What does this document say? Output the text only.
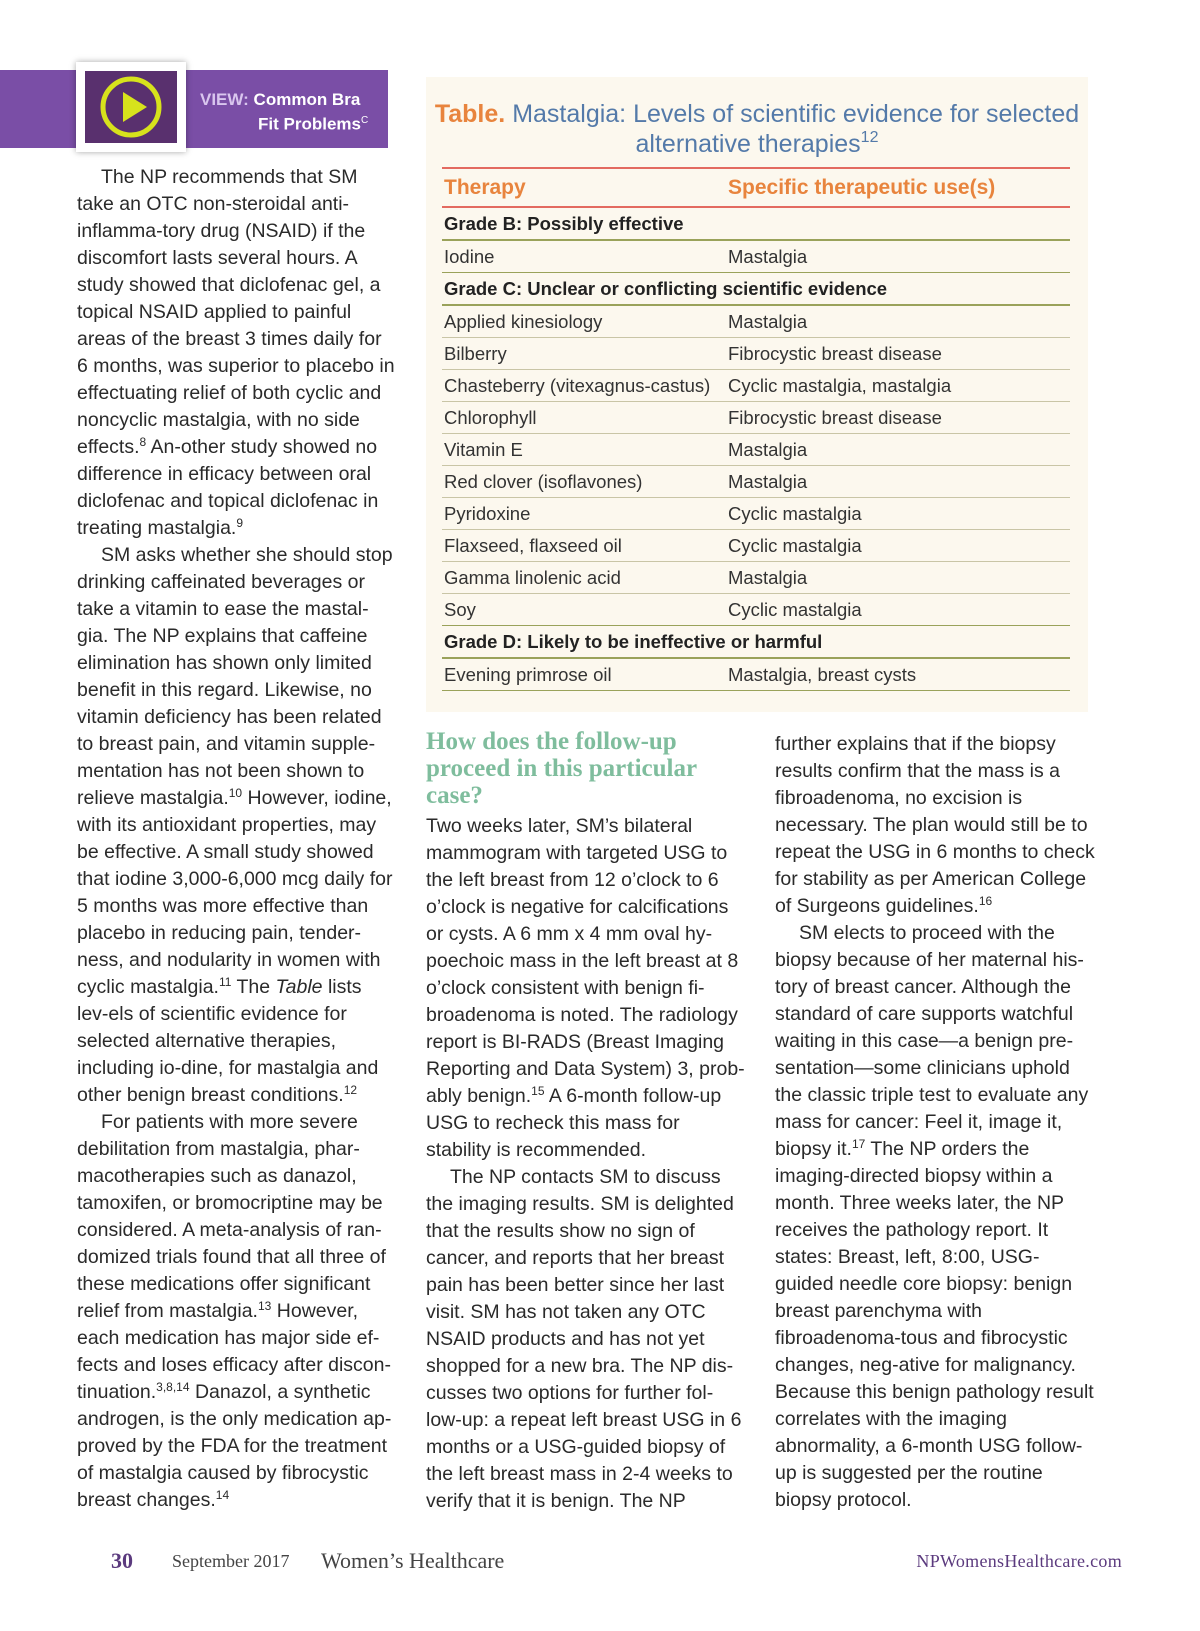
VIEW: Common Bra
Fit Problems$^C$

The NP recommends that SM take an OTC non-steroidal anti-inflamma-tory drug (NSAID) if the discomfort lasts several hours. A study showed that diclofenac gel, a topical NSAID applied to painful areas of the breast 3 times daily for 6 months, was superior to placebo in effectuating relief of both cyclic and noncyclic mastalgia, with no side effects.$^8$ An-other study showed no difference in efficacy between oral diclofenac and topical diclofenac in treating mastalgia.$^9$

SM asks whether she should stop drinking caffeinated beverages or take a vitamin to ease the mastal-gia. The NP explains that caffeine elimination has shown only limited benefit in this regard. Likewise, no vitamin deficiency has been related to breast pain, and vitamin supple-mentation has not been shown to relieve mastalgia.$^{10}$ However, iodine, with its antioxidant properties, may be effective. A small study showed that iodine 3,000-6,000 mcg daily for 5 months was more effective than placebo in reducing pain, tender-ness, and nodularity in women with cyclic mastalgia.$^{11}$ The Table lists lev-els of scientific evidence for selected alternative therapies, including io-dine, for mastalgia and other benign breast conditions.$^{12}$

For patients with more severe debilitation from mastalgia, phar-macotherapies such as danazol, tamoxifen, or bromocriptine may be considered. A meta-analysis of ran-domized trials found that all three of these medications offer significant relief from mastalgia.$^{13}$ However, each medication has major side ef-fects and loses efficacy after discon-tinuation.$^{3,8,14}$ Danazol, a synthetic androgen, is the only medication ap-proved by the FDA for the treatment of mastalgia caused by fibrocystic breast changes.$^{14}$

Table. Mastalgia: Levels of scientific evidence for selected alternative therapies$^{12}$
Therapy	Specific therapeutic use(s)
Grade B: Possibly effective	
Iodine	Mastalgia
Grade C: Unclear or conflicting scientific evidence	
Applied kinesiology	Mastalgia
Bilberry	Fibrocystic breast disease
Chasteberry (vitexagnus-castus)	Cyclic mastalgia, mastalgia
Chlorophyll	Fibrocystic breast disease
Vitamin E	Mastalgia
Red clover (isoflavones)	Mastalgia
Pyridoxine	Cyclic mastalgia
Flaxseed, flaxseed oil	Cyclic mastalgia
Gamma linolenic acid	Mastalgia
Soy	Cyclic mastalgia
Grade D: Likely to be ineffective or harmful	
Evening primrose oil	Mastalgia, breast cysts
How does the follow-up proceed in this particular case?

Two weeks later, SM’s bilateral mammogram with targeted USG to the left breast from 12 o’clock to 6 o’clock is negative for calcifications or cysts. A 6 mm x 4 mm oval hy-poechoic mass in the left breast at 8 o’clock consistent with benign fi-broadenoma is noted. The radiology report is BI-RADS (Breast Imaging Reporting and Data System) 3, prob-ably benign.$^{15}$ A 6-month follow-up USG to recheck this mass for stability is recommended.

The NP contacts SM to discuss the imaging results. SM is delighted that the results show no sign of cancer, and reports that her breast pain has been better since her last visit. SM has not taken any OTC NSAID products and has not yet shopped for a new bra. The NP dis-cusses two options for further fol-low-up: a repeat left breast USG in 6 months or a USG-guided biopsy of the left breast mass in 2-4 weeks to verify that it is benign. The NP

further explains that if the biopsy results confirm that the mass is a fibroadenoma, no excision is necessary. The plan would still be to repeat the USG in 6 months to check for stability as per American College of Surgeons guidelines.$^{16}$

SM elects to proceed with the biopsy because of her maternal his-tory of breast cancer. Although the standard of care supports watchful waiting in this case—a benign pre-sentation—some clinicians uphold the classic triple test to evaluate any mass for cancer: Feel it, image it, biopsy it.$^{17}$ The NP orders the imaging-directed biopsy within a month. Three weeks later, the NP receives the pathology report. It states: Breast, left, 8:00, USG-guided needle core biopsy: benign breast parenchyma with fibroadenoma-tous and fibrocystic changes, neg-ative for malignancy. Because this benign pathology result correlates with the imaging abnormality, a 6-month USG follow-up is suggested per the routine biopsy protocol.

30 September 2017 Women’s Healthcare	NPWomensHealthcare.com
